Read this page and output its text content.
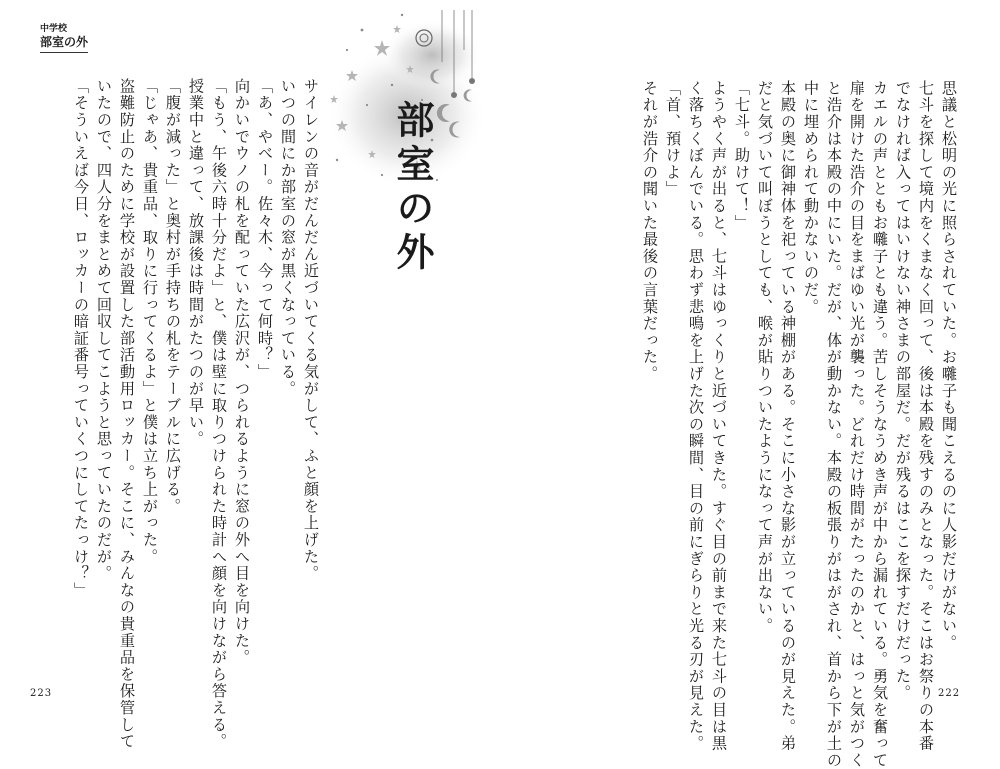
中学校
部室の外
部室の外
サイレンの音がだんだん近づいてくる気がして、ふと顔を上げた。
いつの間にか部室の窓が黒くなっている。
「あ、やべー。佐々木、今って何時？」
向かいでウノの札を配っていた広沢が、つられるように窓の外へ目を向けた。
「もう、午後六時十分だよ」と、僕は壁に取りつけられた時計へ顔を向けながら答える。
授業中と違って、放課後は時間がたつのが早い。
「腹が減った」と奥村が手持ちの札をテーブルに広げる。
「じゃあ、貴重品、取りに行ってくるよ」と僕は立ち上がった。
盗難防止のために学校が設置した部活動用ロッカー。そこに、みんなの貴重品を保管して
いたので、四人分をまとめて回収してこようと思っていたのだが。
「そういえば今日、ロッカーの暗証番号っていくつにしてたっけ？」	思議と松明の光に照らされていた。お囃子も聞こえるのに人影だけがない。
七斗を探して境内をくまなく回って、後は本殿を残すのみとなった。そこはお祭りの本番
でなければ入ってはいけない神さまの部屋だ。だが残るはここを探すだけだった。
カエルの声とともお囃子とも違う。苦しそうなうめき声が中から漏れている。勇気を奮って
扉を開けた浩介の目をまばゆい光が襲った。どれだけ時間がたったのかと、はっと気がつく
と浩介は本殿の中にいた。だが、体が動かない。本殿の板張りがはがされ、首から下が土の
中に埋められて動かないのだ。
本殿の奥に御神体を祀っている神棚がある。そこに小さな影が立っているのが見えた。弟
だと気づいて叫ぼうとしても、喉が貼りついたようになって声が出ない。
「七斗。助けて！」
ようやく声が出ると、七斗はゆっくりと近づいてきた。すぐ目の前まで来た七斗の目は黒
く落ちくぼんでいる。思わず悲鳴を上げた次の瞬間、目の前にぎらりと光る刃が見えた。
「首、預けよ」
それが浩介の聞いた最後の言葉だった。
223	222
